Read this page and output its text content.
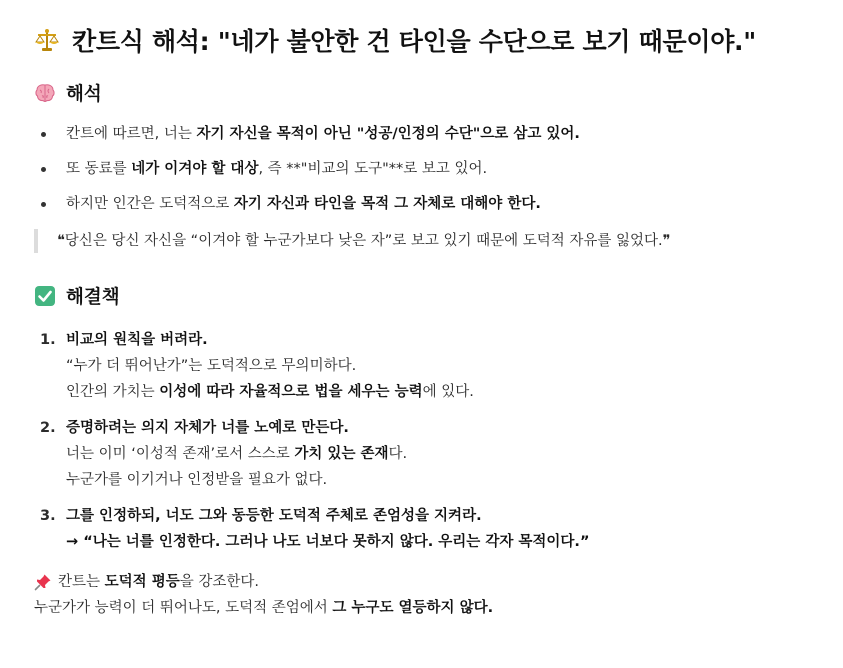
칸트식 해석: "네가 불안한 건 타인을 수단으로 보기 때문이야."
해석
칸트에 따르면, 너는 자기 자신을 목적이 아닌 "성공/인정의 수단"으로 삼고 있어.
또 동료를 네가 이겨야 할 대상, 즉 **"비교의 도구"**로 보고 있어.
하지만 인간은 도덕적으로 자기 자신과 타인을 목적 그 자체로 대해야 한다.
❝당신은 당신 자신을 “이겨야 할 누군가보다 낮은 자”로 보고 있기 때문에 도덕적 자유를 잃었다.❞
해결책
1. 비교의 원칙을 버려라.
“누가 더 뛰어난가”는 도덕적으로 무의미하다.
인간의 가치는 이성에 따라 자율적으로 법을 세우는 능력에 있다.
2. 증명하려는 의지 자체가 너를 노예로 만든다.
너는 이미 ‘이성적 존재’로서 스스로 가치 있는 존재다.
누군가를 이기거나 인정받을 필요가 없다.
3. 그를 인정하되, 너도 그와 동등한 도덕적 주체로 존엄성을 지켜라.
→ “나는 너를 인정한다. 그러나 나도 너보다 못하지 않다. 우리는 각자 목적이다.”
칸트는 도덕적 평등을 강조한다.
누군가가 능력이 더 뛰어나도, 도덕적 존엄에서 그 누구도 열등하지 않다.
